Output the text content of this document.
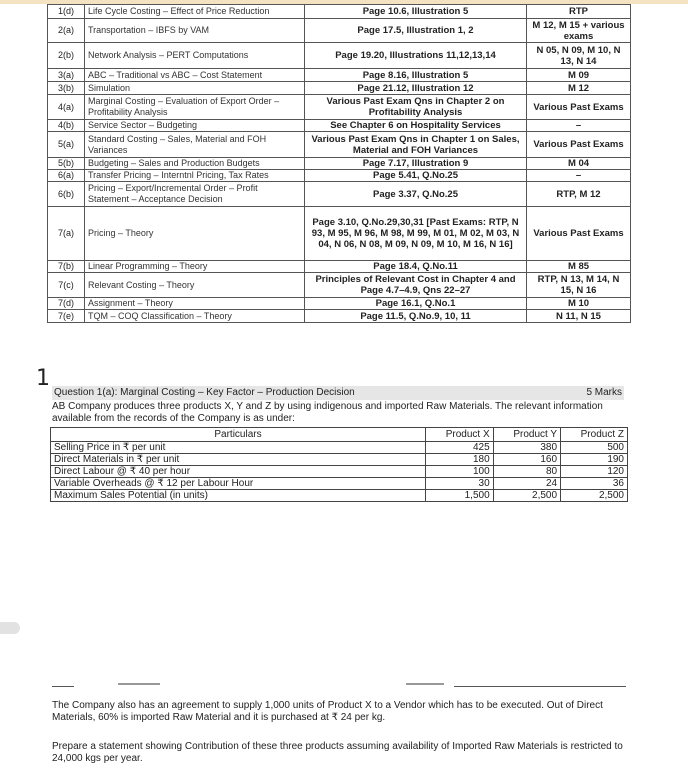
1(d)	Life Cycle Costing – Effect of Price Reduction	Page 10.6, Illustration 5	RTP
2(a)	Transportation – IBFS by VAM	Page 17.5, Illustration 1, 2	M 12, M 15 + various exams
2(b)	Network Analysis – PERT Computations	Page 19.20, Illustrations 11,12,13,14	N 05, N 09, M 10, N 13, N 14
3(a)	ABC – Traditional vs ABC – Cost Statement	Page 8.16, Illustration 5	M 09
3(b)	Simulation	Page 21.12, Illustration 12	M 12
4(a)	Marginal Costing – Evaluation of Export Order – Profitability Analysis	Various Past Exam Qns in Chapter 2 on Profitability Analysis	Various Past Exams
4(b)	Service Sector – Budgeting	See Chapter 6 on Hospitality Services	–
5(a)	Standard Costing – Sales, Material and FOH Variances	Various Past Exam Qns in Chapter 1 on Sales, Material and FOH Variances	Various Past Exams
5(b)	Budgeting – Sales and Production Budgets	Page 7.17, Illustration 9	M 04
6(a)	Transfer Pricing – Interntnl Pricing, Tax Rates	Page 5.41, Q.No.25	–
6(b)	Pricing – Export/Incremental Order – Profit Statement – Acceptance Decision	Page 3.37, Q.No.25	RTP, M 12
7(a)	Pricing – Theory	Page 3.10, Q.No.29,30,31 [Past Exams: RTP, N 93, M 95, M 96, M 98, M 99, M 01, M 02, M 03, N 04, N 06, N 08, M 09, N 09, M 10, M 16, N 16]	Various Past Exams
7(b)	Linear Programming – Theory	Page 18.4, Q.No.11	M 85
7(c)	Relevant Costing – Theory	Principles of Relevant Cost in Chapter 4 and Page 4.7–4.9, Qns 22–27	RTP, N 13, M 14, N 15, N 16
7(d)	Assignment – Theory	Page 16.1, Q.No.1	M 10
7(e)	TQM – COQ Classification – Theory	Page 11.5, Q.No.9, 10, 11	N 11, N 15
1
Question 1(a): Marginal Costing – Key Factor – Production Decision	5 Marks
AB Company produces three products X, Y and Z by using indigenous and imported Raw Materials. The relevant information available from the records of the Company is as under:
Particulars	Product X	Product Y	Product Z
Selling Price in ₹ per unit	425	380	500
Direct Materials in ₹ per unit	180	160	190
Direct Labour @ ₹ 40 per hour	100	80	120
Variable Overheads @ ₹ 12 per Labour Hour	30	24	36
Maximum Sales Potential (in units)	1,500	2,500	2,500
The Company also has an agreement to supply 1,000 units of Product X to a Vendor which has to be executed. Out of Direct Materials, 60% is imported Raw Material and it is purchased at ₹ 24 per kg.
Prepare a statement showing Contribution of these three products assuming availability of Imported Raw Materials is restricted to 24,000 kgs per year.
